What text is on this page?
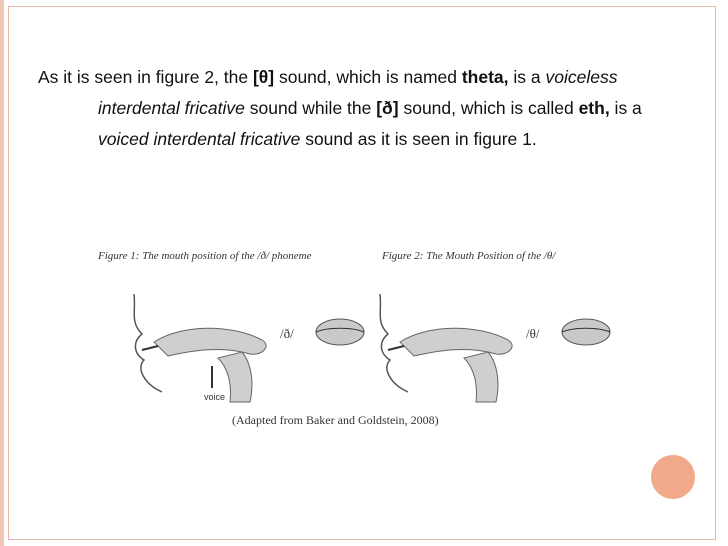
As it is seen in figure 2, the [θ] sound, which is named theta, is a voiceless interdental fricative sound while the [ð] sound, which is called eth, is a voiced interdental fricative sound as it is seen in figure 1.

Figure 1: The mouth position of the /ð/ phoneme	Figure 2: The Mouth Position of the /θ/
voice
/ð/	/θ/
(Adapted from Baker and Goldstein, 2008)
